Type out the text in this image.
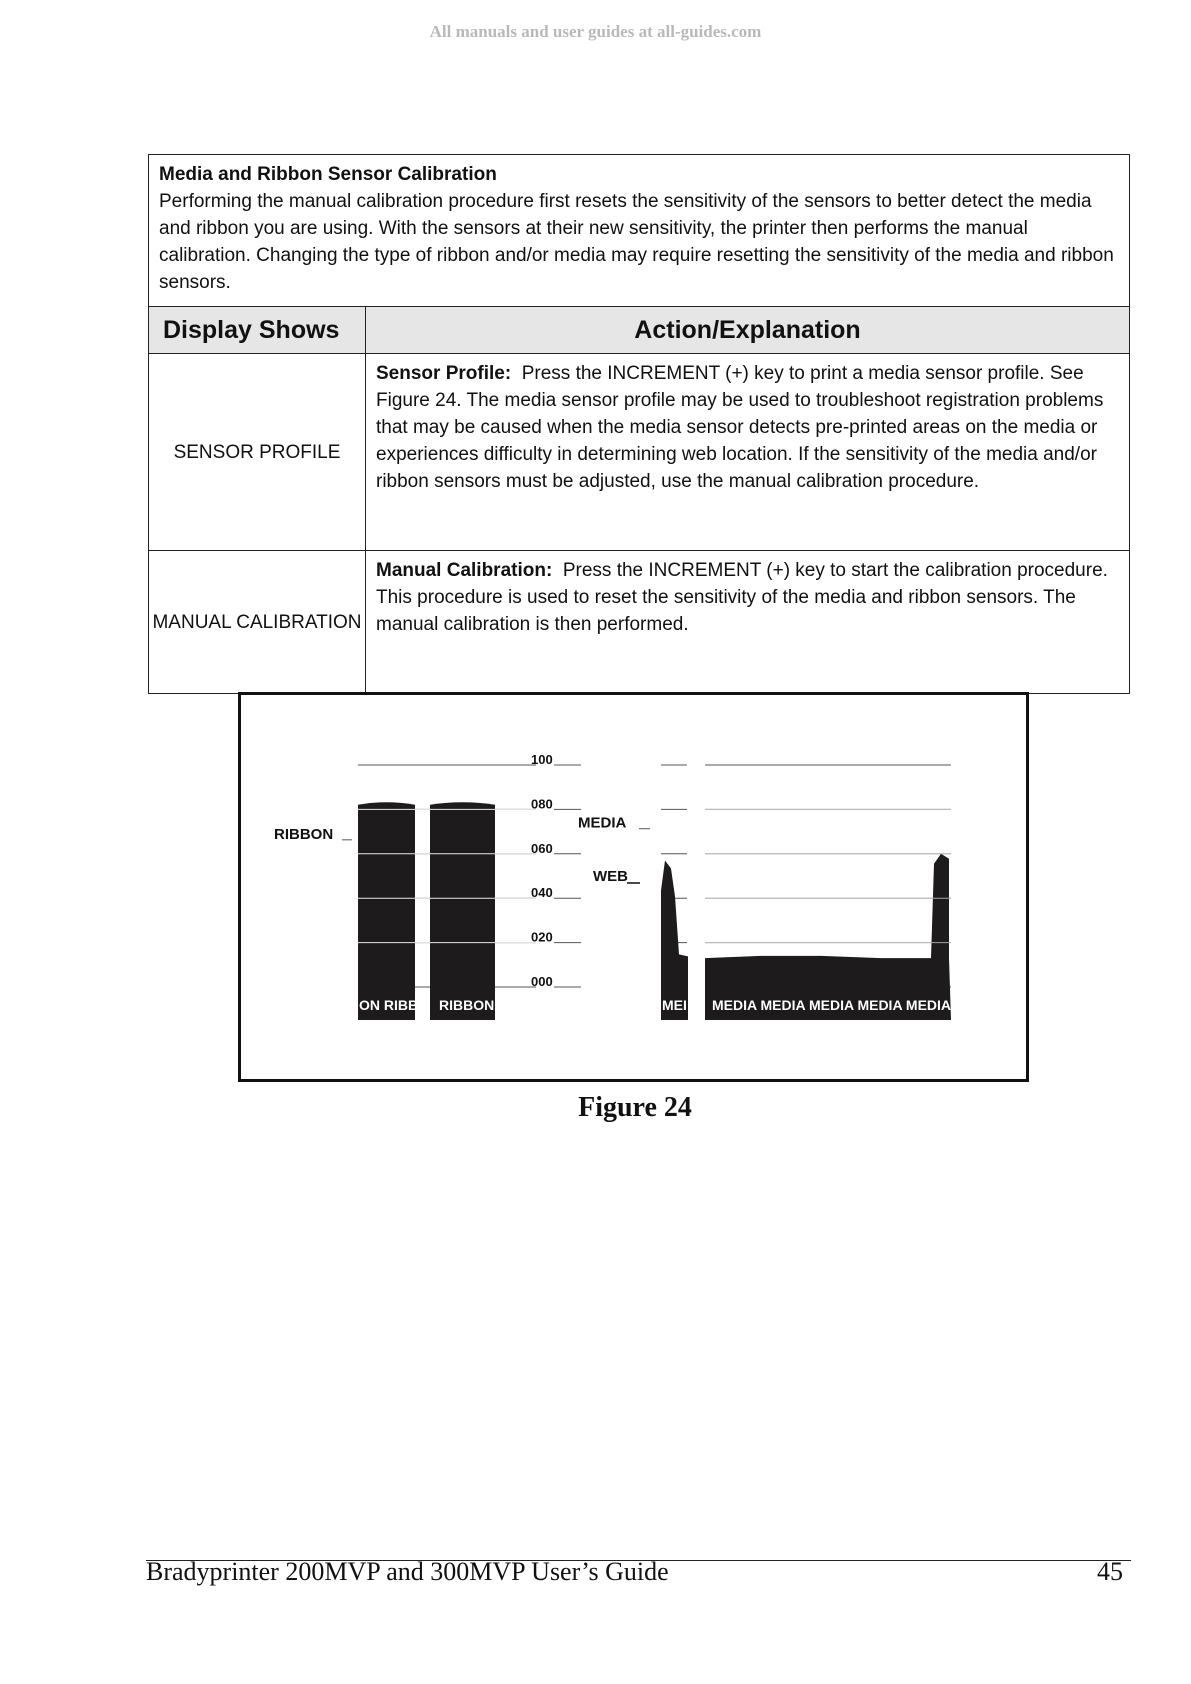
All manuals and user guides at all-guides.com
Media and Ribbon Sensor Calibration
Performing the manual calibration procedure first resets the sensitivity of the sensors to better detect the media and ribbon you are using. With the sensors at their new sensitivity, the printer then performs the manual calibration. Changing the type of ribbon and/or media may require resetting the sensitivity of the media and ribbon sensors.	
Display Shows	Action/Explanation
SENSOR PROFILE	Sensor Profile: Press the INCREMENT (+) key to print a media sensor profile. See Figure 24. The media sensor profile may be used to troubleshoot registration problems that may be caused when the media sensor detects pre-printed areas on the media or experiences difficulty in determining web location. If the sensitivity of the media and/or ribbon sensors must be adjusted, use the manual calibration procedure.
MANUAL CALIBRATION	Manual Calibration: Press the INCREMENT (+) key to start the calibration procedure.
This procedure is used to reset the sensitivity of the media and ribbon sensors. The manual calibration is then performed.
100
080
060
040
020
000
ON RIBB RIBBON	MEI MEDIA MEDIA MEDIA MEDIA MEDIA
RIBBON
MEDIA
WEB
Figure 24
Bradyprinter 200MVP and 300MVP User’s Guide	45
